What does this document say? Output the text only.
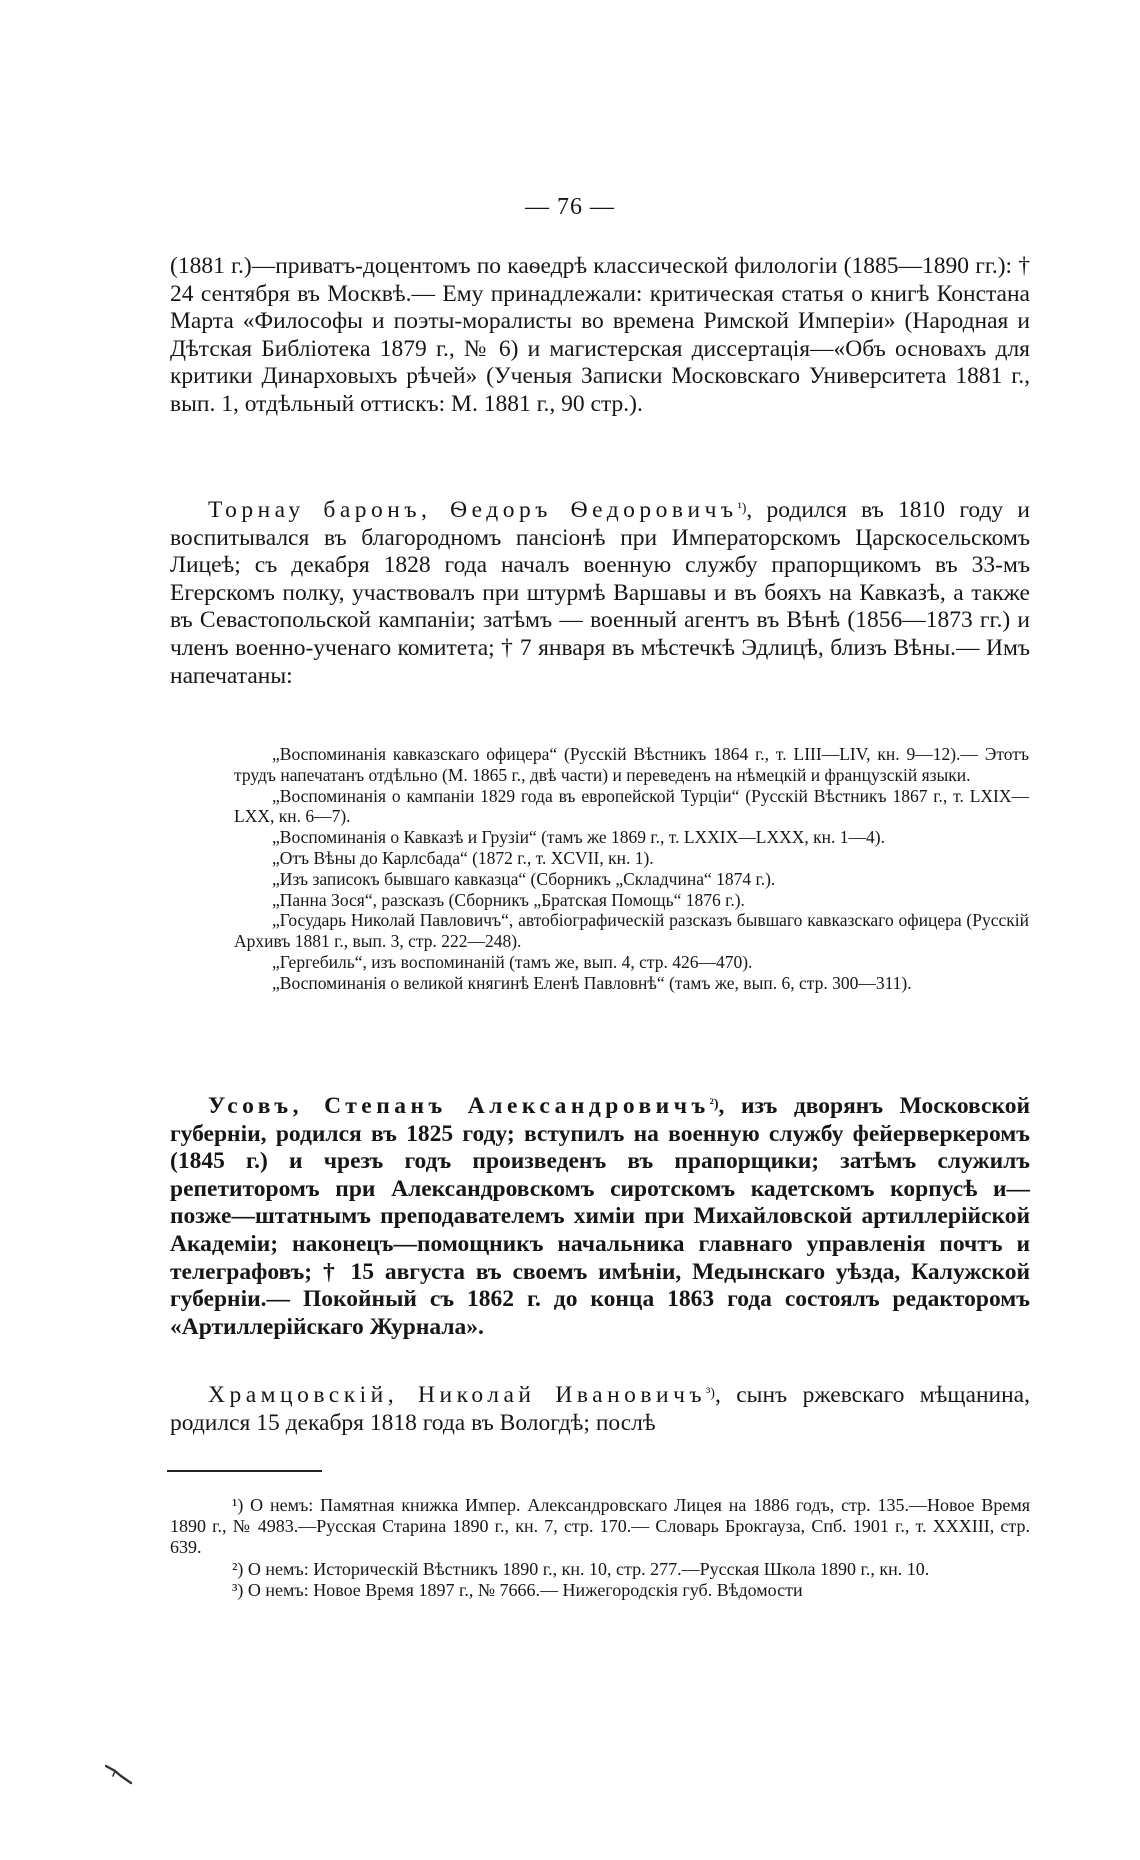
— 76 —

(1881 г.)—приватъ-доцентомъ по каѳедрѣ классической филологіи (1885—1890 гг.): † 24 сентября въ Москвѣ.— Ему принадлежали: критическая статья о книгѣ Констана Марта «Философы и поэты-моралисты во времена Римской Имперіи» (Народная и Дѣтская Библіотека 1879 г., № 6) и магистерская диссертація—«Объ основахъ для критики Динарховыхъ рѣчей» (Ученыя Записки Московскаго Университета 1881 г., вып. 1, отдѣльный оттискъ: М. 1881 г., 90 стр.).

Торнау баронъ, Ѳедоръ Ѳедоровичъ$^{^1)}$, родился въ 1810 году и воспитывался въ благородномъ пансіонѣ при Императорскомъ Царскосельскомъ Лицеѣ; съ декабря 1828 года началъ военную службу прапорщикомъ въ 33-мъ Егерскомъ полку, участвовалъ при штурмѣ Варшавы и въ бояхъ на Кавказѣ, а также въ Севастопольской кампаніи; затѣмъ — военный агентъ въ Вѣнѣ (1856—1873 гг.) и членъ военно-ученаго комитета; † 7 января въ мѣстечкѣ Эдлицѣ, близъ Вѣны.— Имъ напечатаны:

„Воспоминанія кавказскаго офицера“ (Русскій Вѣстникъ 1864 г., т. LIII—LIV, кн. 9—12).— Этотъ трудъ напечатанъ отдѣльно (М. 1865 г., двѣ части) и переведенъ на нѣмецкій и французскій языки.

„Воспоминанія о кампаніи 1829 года въ европейской Турціи“ (Русскій Вѣстникъ 1867 г., т. LXIX—LXX, кн. 6—7).

„Воспоминанія о Кавказѣ и Грузіи“ (тамъ же 1869 г., т. LXXIX—LXXX, кн. 1—4).

„Отъ Вѣны до Карлсбада“ (1872 г., т. XCVII, кн. 1).

„Изъ записокъ бывшаго кавказца“ (Сборникъ „Складчина“ 1874 г.).

„Панна Зося“, разсказъ (Сборникъ „Братская Помощь“ 1876 г.).

„Государь Николай Павловичъ“, автобіографическій разсказъ бывшаго кавказскаго офицера (Русскій Архивъ 1881 г., вып. 3, стр. 222—248).

„Гергебиль“, изъ воспоминаній (тамъ же, вып. 4, стр. 426—470).

„Воспоминанія о великой княгинѣ Еленѣ Павловнѣ“ (тамъ же, вып. 6, стр. 300—311).

Усовъ, Степанъ Александровичъ$^{^2)}$, изъ дворянъ Московской губерніи, родился въ 1825 году; вступилъ на военную службу фейерверкеромъ (1845 г.) и чрезъ годъ произведенъ въ прапорщики; затѣмъ служилъ репетиторомъ при Александровскомъ сиротскомъ кадетскомъ корпусѣ и—позже—штатнымъ преподавателемъ химіи при Михайловской артиллерійской Академіи; наконецъ—помощникъ начальника главнаго управленія почтъ и телеграфовъ; † 15 августа въ своемъ имѣніи, Медынскаго уѣзда, Калужской губерніи.— Покойный съ 1862 г. до конца 1863 года состоялъ редакторомъ «Артиллерійскаго Журнала».

Храмцовскій, Николай Ивановичъ$^{^3)}$, сынъ ржевскаго мѣщанина, родился 15 декабря 1818 года въ Вологдѣ; послѣ

¹) О немъ: Памятная книжка Импер. Александровскаго Лицея на 1886 годъ, стр. 135.—Новое Время 1890 г., № 4983.—Русская Старина 1890 г., кн. 7, стр. 170.— Словарь Брокгауза, Спб. 1901 г., т. XXXIII, стр. 639.

²) О немъ: Историческій Вѣстникъ 1890 г., кн. 10, стр. 277.—Русская Школа 1890 г., кн. 10.

³) О немъ: Новое Время 1897 г., № 7666.— Нижегородскія губ. Вѣдомости
